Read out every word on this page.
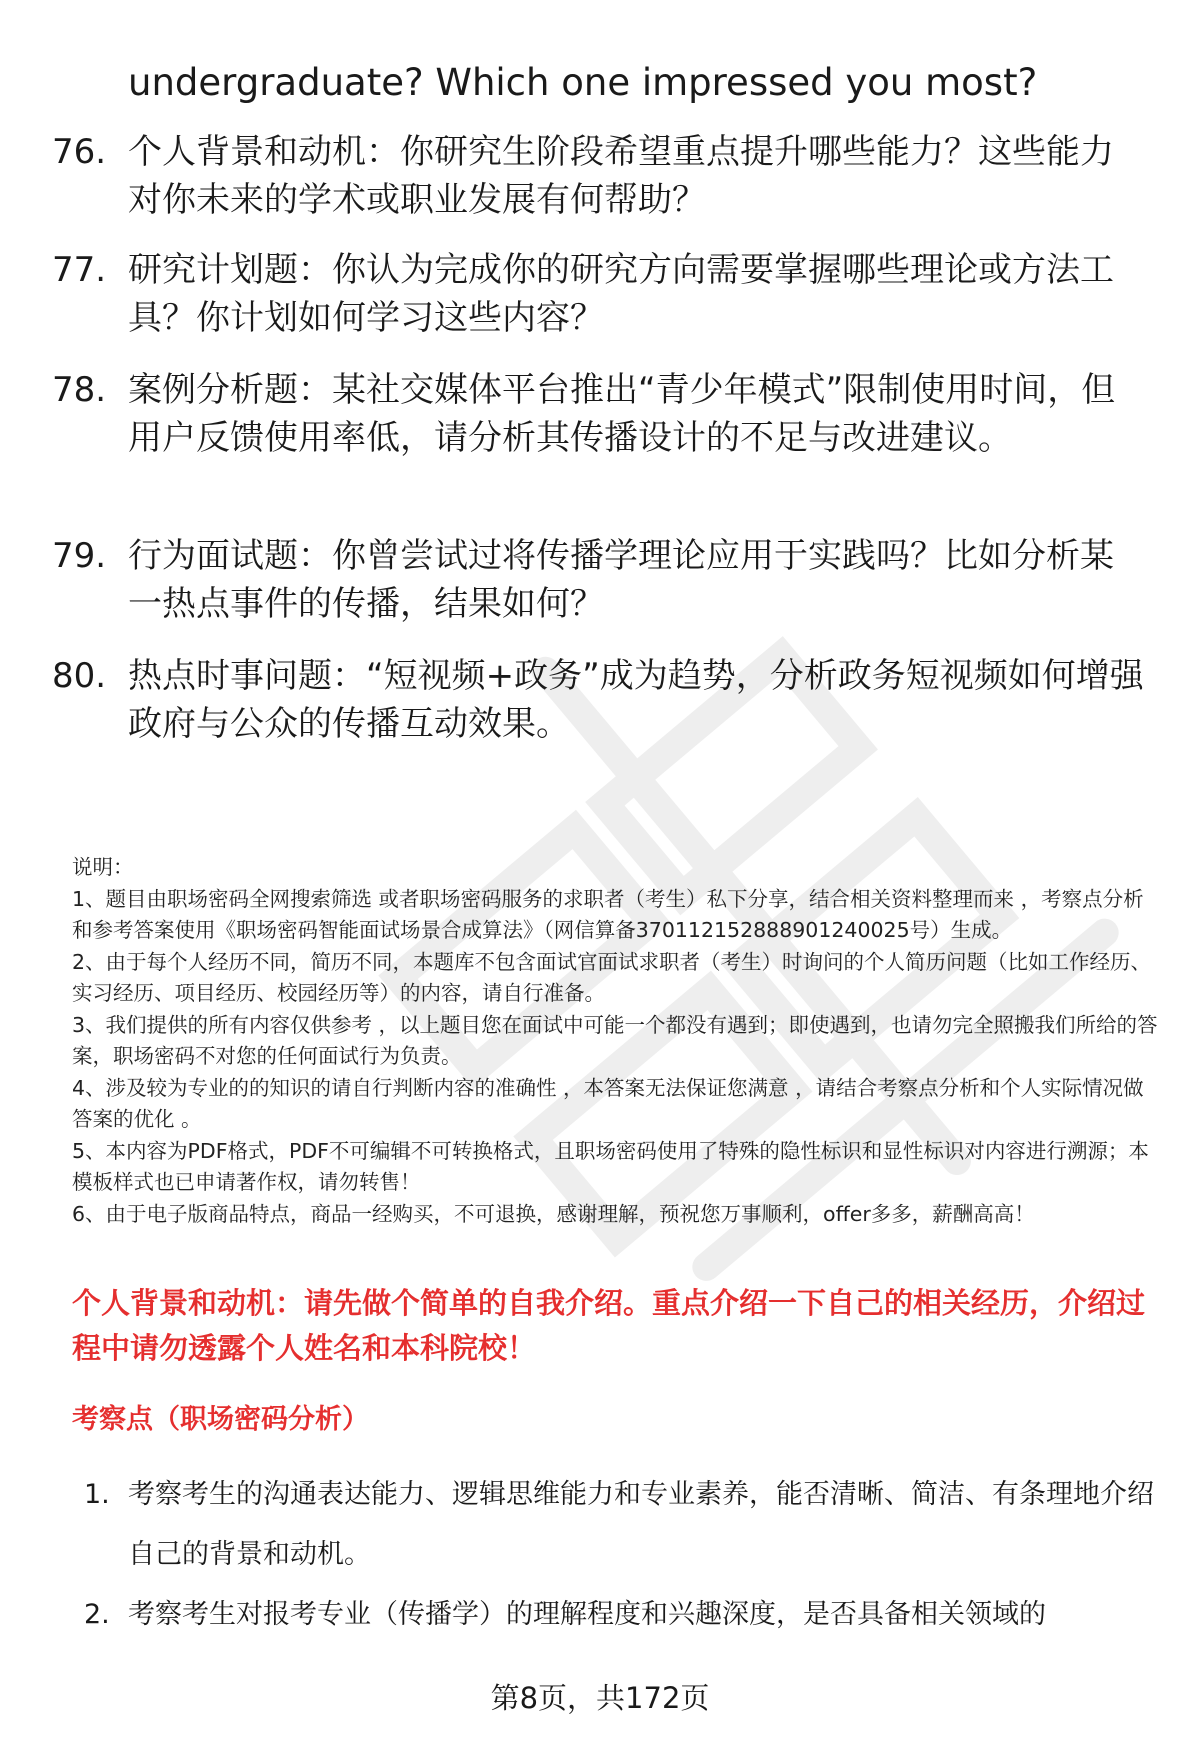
undergraduate? Which one impressed you most?
76. 个人背景和动机：你研究生阶段希望重点提升哪些能力？这些能力对你未来的学术或职业发展有何帮助？
77. 研究计划题：你认为完成你的研究方向需要掌握哪些理论或方法工具？你计划如何学习这些内容？
78. 案例分析题：某社交媒体平台推出“青少年模式”限制使用时间，但用户反馈使用率低，请分析其传播设计的不足与改进建议。
79. 行为面试题：你曾尝试过将传播学理论应用于实践吗？比如分析某一热点事件的传播，结果如何？
80. 热点时事问题：“短视频+政务”成为趋势，分析政务短视频如何增强政府与公众的传播互动效果。
说明：
1、题目由职场密码全网搜索筛选 或者职场密码服务的求职者（考生）私下分享，结合相关资料整理而来 ，考察点分析和参考答案使用《职场密码智能面试场景合成算法》（网信算备370112152888901240025号）生成。
2、由于每个人经历不同，简历不同，本题库不包含面试官面试求职者（考生）时询问的个人简历问题（比如工作经历、实习经历、项目经历、校园经历等）的内容，请自行准备。
3、我们提供的所有内容仅供参考 ，以上题目您在面试中可能一个都没有遇到；即使遇到，也请勿完全照搬我们所给的答案，职场密码不对您的任何面试行为负责。
4、涉及较为专业的的知识的请自行判断内容的准确性 ，本答案无法保证您满意 ，请结合考察点分析和个人实际情况做答案的优化 。
5、本内容为PDF格式，PDF不可编辑不可转换格式，且职场密码使用了特殊的隐性标识和显性标识对内容进行溯源；本模板样式也已申请著作权，请勿转售！
6、由于电子版商品特点，商品一经购买，不可退换，感谢理解，预祝您万事顺利，offer多多，薪酬高高！
个人背景和动机：请先做个简单的自我介绍。重点介绍一下自己的相关经历，介绍过程中请勿透露个人姓名和本科院校！
考察点（职场密码分析）
1. 考察考生的沟通表达能力、逻辑思维能力和专业素养，能否清晰、简洁、有条理地介绍自己的背景和动机。
2. 考察考生对报考专业（传播学）的理解程度和兴趣深度，是否具备相关领域的
第8页，共172页
